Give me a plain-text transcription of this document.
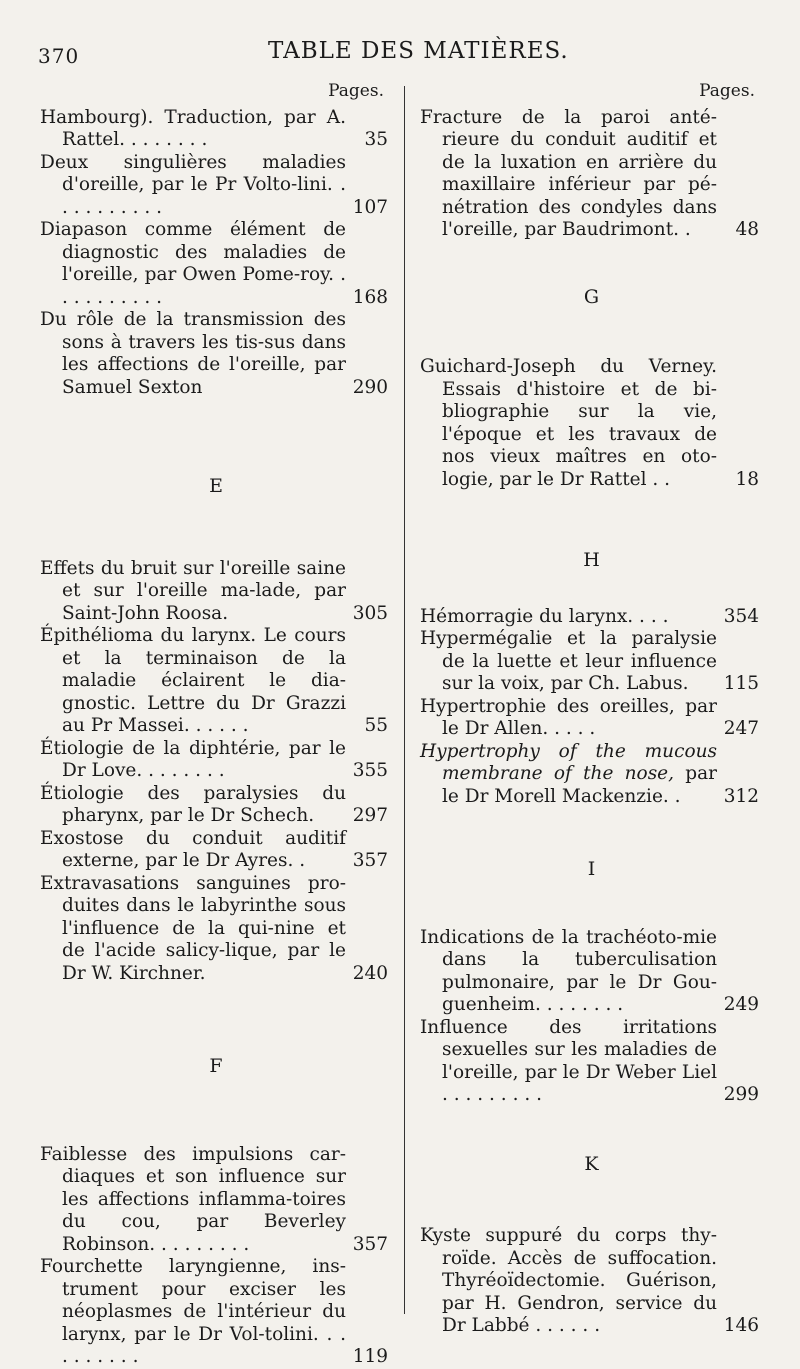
370	TABLE DES MATIÈRES.
Pages.
Hambourg). Traduction, par A. Rattel. . . . . . . .	35
Deux singulières maladies d'oreille, par le Pr Volto-lini. . . . . . . . . . .	107
Diapason comme élément de diagnostic des maladies de l'oreille, par Owen Pome-roy. . . . . . . . . . .	168
Du rôle de la transmission des sons à travers les tis-sus dans les affections de l'oreille, par Samuel Sexton	290
E
Effets du bruit sur l'oreille saine et sur l'oreille ma-lade, par Saint-John Roosa.	305
Épithélioma du larynx. Le cours et la terminaison de la maladie éclairent le dia-gnostic. Lettre du Dr Grazzi au Pr Massei. . . . . .	55
Étiologie de la diphtérie, par le Dr Love. . . . . . . .	355
Étiologie des paralysies du pharynx, par le Dr Schech.	297
Exostose du conduit auditif externe, par le Dr Ayres. .	357
Extravasations sanguines pro-duites dans le labyrinthe sous l'influence de la qui-nine et de l'acide salicy-lique, par le Dr W. Kirchner.	240
F
Faiblesse des impulsions car-diaques et son influence sur les affections inflamma-toires du cou, par Beverley Robinson. . . . . . . . .	357
Fourchette laryngienne, ins-trument pour exciser les néoplasmes de l'intérieur du larynx, par le Dr Vol-tolini. . . . . . . . . .	119
Pages.
Fracture de la paroi anté-rieure du conduit auditif et de la luxation en arrière du maxillaire inférieur par pé-nétration des condyles dans l'oreille, par Baudrimont. .	48
G
Guichard-Joseph du Verney. Essais d'histoire et de bi-bliographie sur la vie, l'époque et les travaux de nos vieux maîtres en oto-logie, par le Dr Rattel . .	18
H
Hémorragie du larynx. . . .	354
Hypermégalie et la paralysie de la luette et leur influence sur la voix, par Ch. Labus.	115
Hypertrophie des oreilles, par le Dr Allen. . . . .	247
Hypertrophy of the mucous membrane of the nose, par le Dr Morell Mackenzie. .	312
I
Indications de la trachéoto-mie dans la tuberculisation pulmonaire, par le Dr Gou-guenheim. . . . . . . .	249
Influence des irritations sexuelles sur les maladies de l'oreille, par le Dr Weber Liel . . . . . . . . .	299
K
Kyste suppuré du corps thy-roïde. Accès de suffocation. Thyréoïdectomie. Guérison, par H. Gendron, service du Dr Labbé . . . . . .	146
